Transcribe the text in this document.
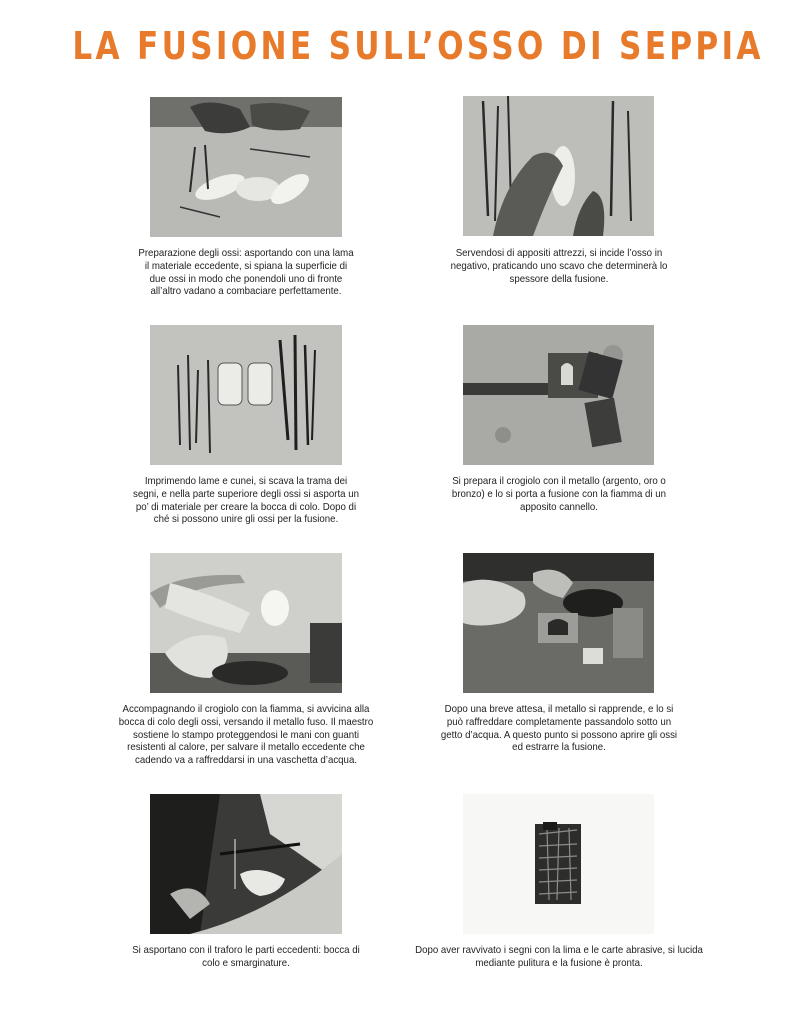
LA FUSIONE SULL’OSSO DI SEPPIA
Preparazione degli ossi: asportando con una lama il materiale eccedente, si spiana la superficie di due ossi in modo che ponendoli uno di fronte all’altro vadano a combaciare perfettamente.
Servendosi di appositi attrezzi, si incide l’osso in negativo, praticando uno scavo che determinerà lo spessore della fusione.
Imprimendo lame e cunei, si scava la trama dei segni, e nella parte superiore degli ossi si asporta un po’ di materiale per creare la bocca di colo. Dopo di ché si possono unire gli ossi per la fusione.
Si prepara il crogiolo con il metallo (argento, oro o bronzo) e lo si porta a fusione con la fiamma di un apposito cannello.
Accompagnando il crogiolo con la fiamma, si avvicina alla bocca di colo degli ossi, versando il metallo fuso. Il maestro sostiene lo stampo proteggendosi le mani con guanti resistenti al calore, per salvare il metallo eccedente che cadendo va a raffreddarsi in una vaschetta d’acqua.
Dopo una breve attesa, il metallo si rapprende, e lo si può raffreddare completamente passandolo sotto un getto d’acqua. A questo punto si possono aprire gli ossi ed estrarre la fusione.
Si asportano con il traforo le parti eccedenti: bocca di colo e smarginature.
Dopo aver ravvivato i segni con la lima e le carte abrasive, si lucida mediante pulitura e la fusione è pronta.
